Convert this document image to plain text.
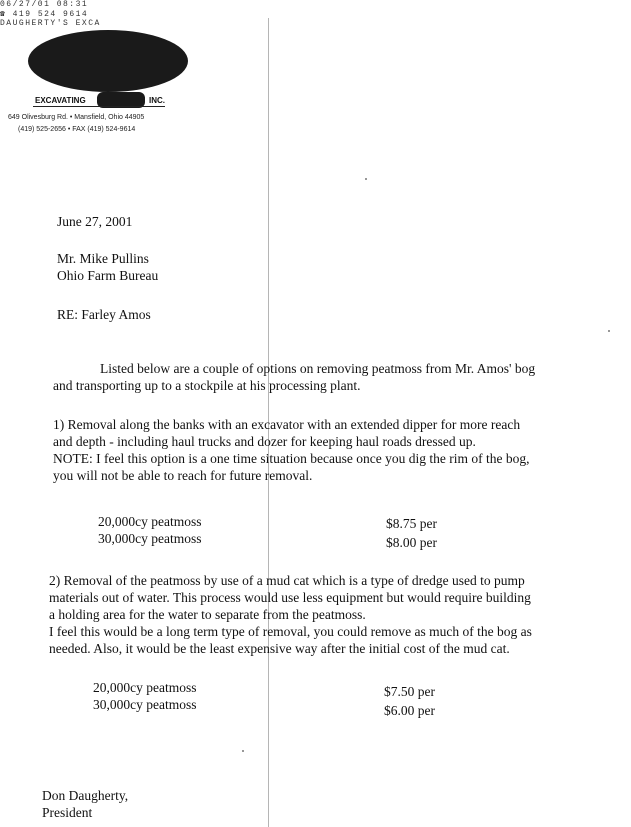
06/27/01 08:31
☎ 419 524 9614
DAUGHERTY'S EXCA
EXCAVATING	INC.
649 Olivesburg Rd. • Mansfield, Ohio 44905
(419) 525-2656 • FAX (419) 524-9614
June 27, 2001
Mr. Mike Pullins
Ohio Farm Bureau
RE: Farley Amos
Listed below are a couple of options on removing peatmoss from Mr. Amos' bog
and transporting up to a stockpile at his processing plant.
1) Removal along the banks with an excavator with an extended dipper for more reach
and depth - including haul trucks and dozer for keeping haul roads dressed up.
NOTE: I feel this option is a one time situation because once you dig the rim of the bog,
you will not be able to reach for future removal.
20,000cy peatmoss	$8.75 per
30,000cy peatmoss	$8.00 per
2) Removal of the peatmoss by use of a mud cat which is a type of dredge used to pump
materials out of water. This process would use less equipment but would require building
a holding area for the water to separate from the peatmoss.
I feel this would be a long term type of removal, you could remove as much of the bog as
needed. Also, it would be the least expensive way after the initial cost of the mud cat.
20,000cy peatmoss	$7.50 per
30,000cy peatmoss	$6.00 per
Don Daugherty,
President
